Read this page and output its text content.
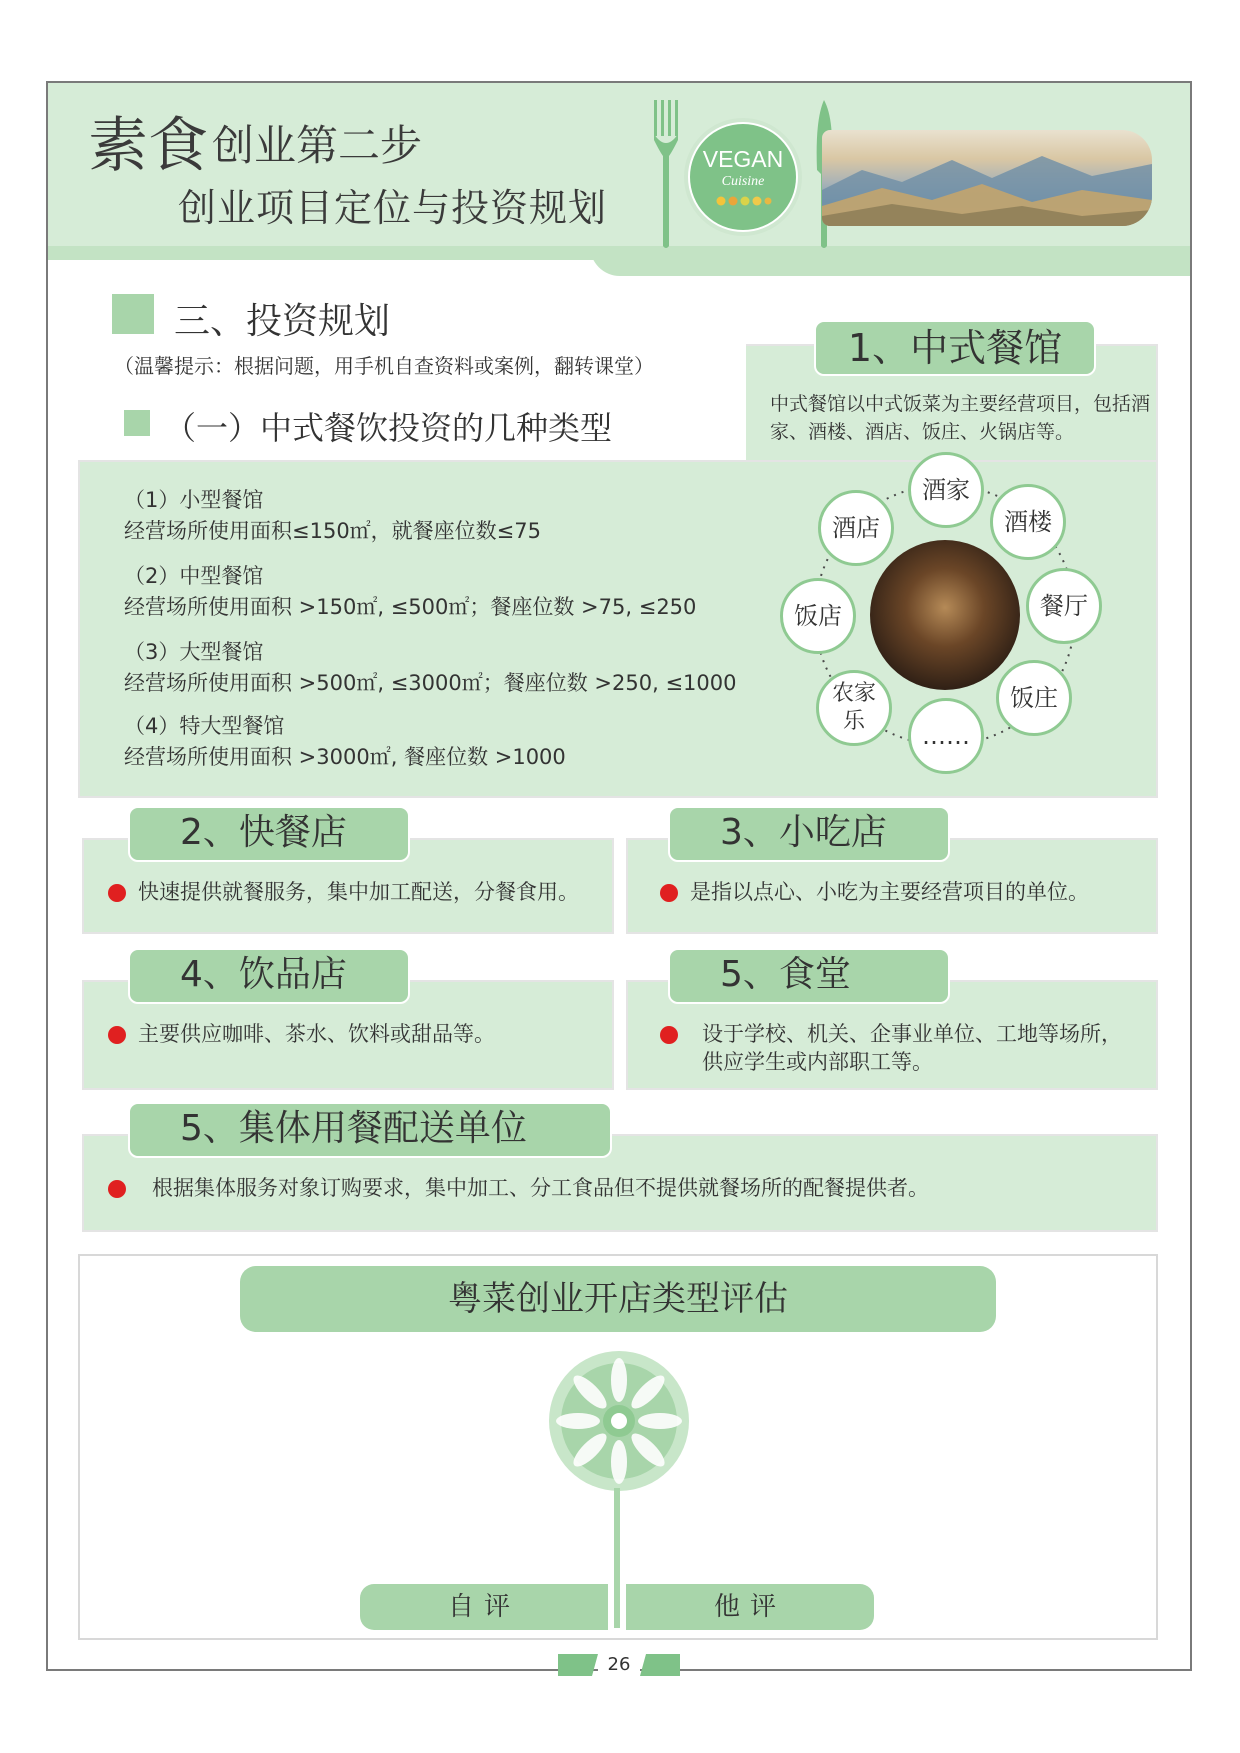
素食 创业第二步
创业项目定位与投资规划
VEGAN
Cuisine
三、投资规划
（温馨提示：根据问题，用手机自查资料或案例，翻转课堂）
（一）中式餐饮投资的几种类型
（1）小型餐馆
经营场所使用面积≤150㎡，就餐座位数≤75
（2）中型餐馆
经营场所使用面积 >150㎡, ≤500㎡；餐座位数 >75, ≤250
（3）大型餐馆
经营场所使用面积 >500㎡, ≤3000㎡；餐座位数 >250, ≤1000
（4）特大型餐馆
经营场所使用面积 >3000㎡, 餐座位数 >1000
1、中式餐馆
中式餐馆以中式饭菜为主要经营项目，包括酒家、酒楼、酒店、饭庄、火锅店等。
酒家
酒楼
餐厅
饭庄
……
农家乐
饭店
酒店
2、快餐店
快速提供就餐服务，集中加工配送，分餐食用。
3、小吃店
是指以点心、小吃为主要经营项目的单位。
4、饮品店
主要供应咖啡、茶水、饮料或甜品等。
5、食堂
设于学校、机关、企事业单位、工地等场所，供应学生或内部职工等。
5、集体用餐配送单位
根据集体服务对象订购要求，集中加工、分工食品但不提供就餐场所的配餐提供者。
粤菜创业开店类型评估
自评	他评
26
